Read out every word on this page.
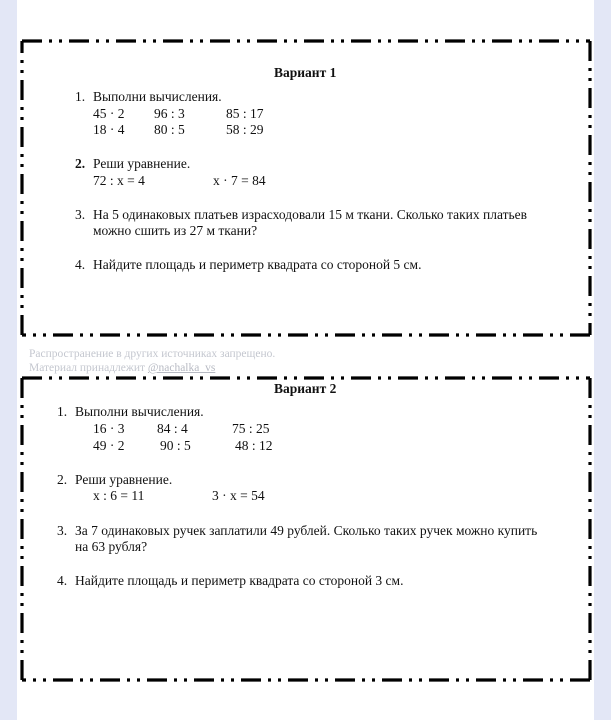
Вариант 1
1. Выполни вычисления.
45 · 2 96 : 3	85 : 17
18 · 4 80 : 5	58 : 29
2. Реши уравнение.
72 : x = 4	x · 7 = 84
3. На 5 одинаковых платьев израсходовали 15 м ткани. Сколько таких платьев
можно сшить из 27 м ткани?
4. Найдите площадь и периметр квадрата со стороной 5 см.
Распространение в других источниках запрещено.
Материал принадлежит @nachalka_vs
Вариант 2
1. Выполни вычисления.
16 · 3 84 : 4	75 : 25
49 · 2	90 : 5	48 : 12
2. Реши уравнение.
x : 6 = 11	3 · x = 54
3. За 7 одинаковых ручек заплатили 49 рублей. Сколько таких ручек можно купить
на 63 рубля?
4. Найдите площадь и периметр квадрата со стороной 3 см.
